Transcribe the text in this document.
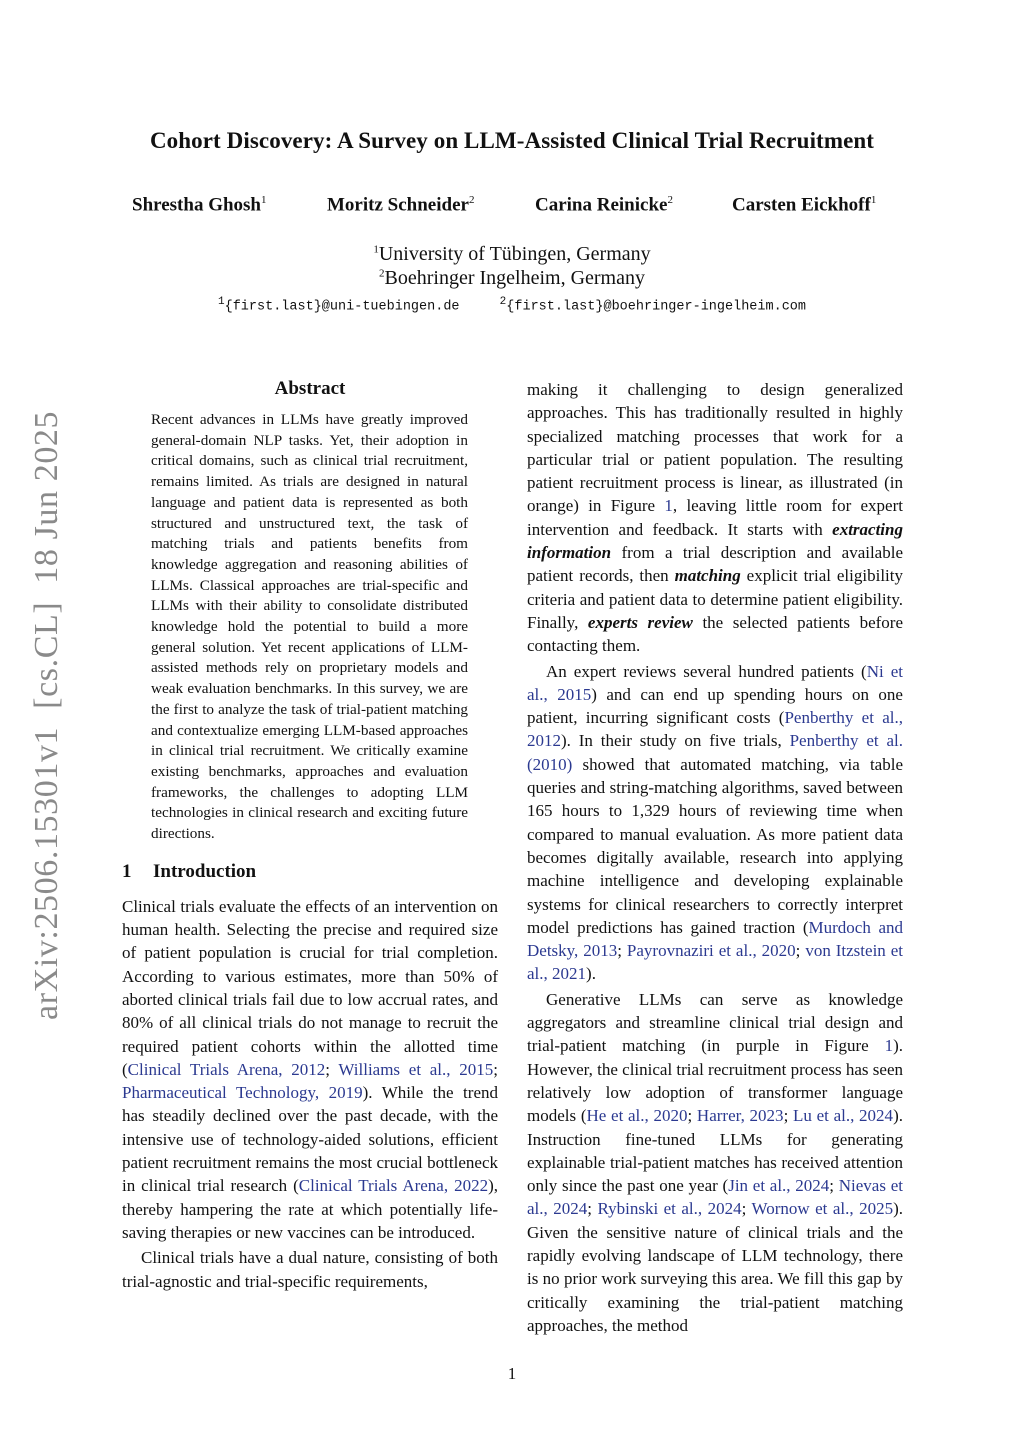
Cohort Discovery: A Survey on LLM-Assisted Clinical Trial Recruitment
Shrestha Ghosh$^1$	Moritz Schneider$^2$	Carina Reinicke$^2$	Carsten Eickhoff$^1$
$^1$University of Tübingen, Germany
$^2$Boehringer Ingelheim, Germany
$^1${first.last}@uni-tuebingen.de	$^2${first.last}@boehringer-ingelheim.com
arXiv:2506.15301v1[cs.CL]18 Jun 2025
Abstract

Recent advances in LLMs have greatly improved general-domain NLP tasks. Yet, their adoption in critical domains, such as clinical trial recruitment, remains limited. As trials are designed in natural language and patient data is represented as both structured and unstructured text, the task of matching trials and patients benefits from knowledge aggregation and reasoning abilities of LLMs. Classical approaches are trial-specific and LLMs with their ability to consolidate distributed knowledge hold the potential to build a more general solution. Yet recent applications of LLM-assisted methods rely on proprietary models and weak evaluation benchmarks. In this survey, we are the first to analyze the task of trial-patient matching and contextualize emerging LLM-based approaches in clinical trial recruitment. We critically examine existing benchmarks, approaches and evaluation frameworks, the challenges to adopting LLM technologies in clinical research and exciting future directions.

1 Introduction

Clinical trials evaluate the effects of an intervention on human health. Selecting the precise and required size of patient population is crucial for trial completion. According to various estimates, more than 50% of aborted clinical trials fail due to low accrual rates, and 80% of all clinical trials do not manage to recruit the required patient cohorts within the allotted time (Clinical Trials Arena, 2012; Williams et al., 2015; Pharmaceutical Technology, 2019). While the trend has steadily declined over the past decade, with the intensive use of technology-aided solutions, efficient patient recruitment remains the most crucial bottleneck in clinical trial research (Clinical Trials Arena, 2022), thereby hampering the rate at which potentially life-saving therapies or new vaccines can be introduced.

Clinical trials have a dual nature, consisting of both trial-agnostic and trial-specific requirements,

making it challenging to design generalized approaches. This has traditionally resulted in highly specialized matching processes that work for a particular trial or patient population. The resulting patient recruitment process is linear, as illustrated (in orange) in Figure 1, leaving little room for expert intervention and feedback. It starts with extracting information from a trial description and available patient records, then matching explicit trial eligibility criteria and patient data to determine patient eligibility. Finally, experts review the selected patients before contacting them.

An expert reviews several hundred patients (Ni et al., 2015) and can end up spending hours on one patient, incurring significant costs (Penberthy et al., 2012). In their study on five trials, Penberthy et al. (2010) showed that automated matching, via table queries and string-matching algorithms, saved between 165 hours to 1,329 hours of reviewing time when compared to manual evaluation. As more patient data becomes digitally available, research into applying machine intelligence and developing explainable systems for clinical researchers to correctly interpret model predictions has gained traction (Murdoch and Detsky, 2013; Payrovnaziri et al., 2020; von Itzstein et al., 2021).

Generative LLMs can serve as knowledge aggregators and streamline clinical trial design and trial-patient matching (in purple in Figure 1). However, the clinical trial recruitment process has seen relatively low adoption of transformer language models (He et al., 2020; Harrer, 2023; Lu et al., 2024). Instruction fine-tuned LLMs for generating explainable trial-patient matches has received attention only since the past one year (Jin et al., 2024; Nievas et al., 2024; Rybinski et al., 2024; Wornow et al., 2025). Given the sensitive nature of clinical trials and the rapidly evolving landscape of LLM technology, there is no prior work surveying this area. We fill this gap by critically examining the trial-patient matching approaches, the method

1
